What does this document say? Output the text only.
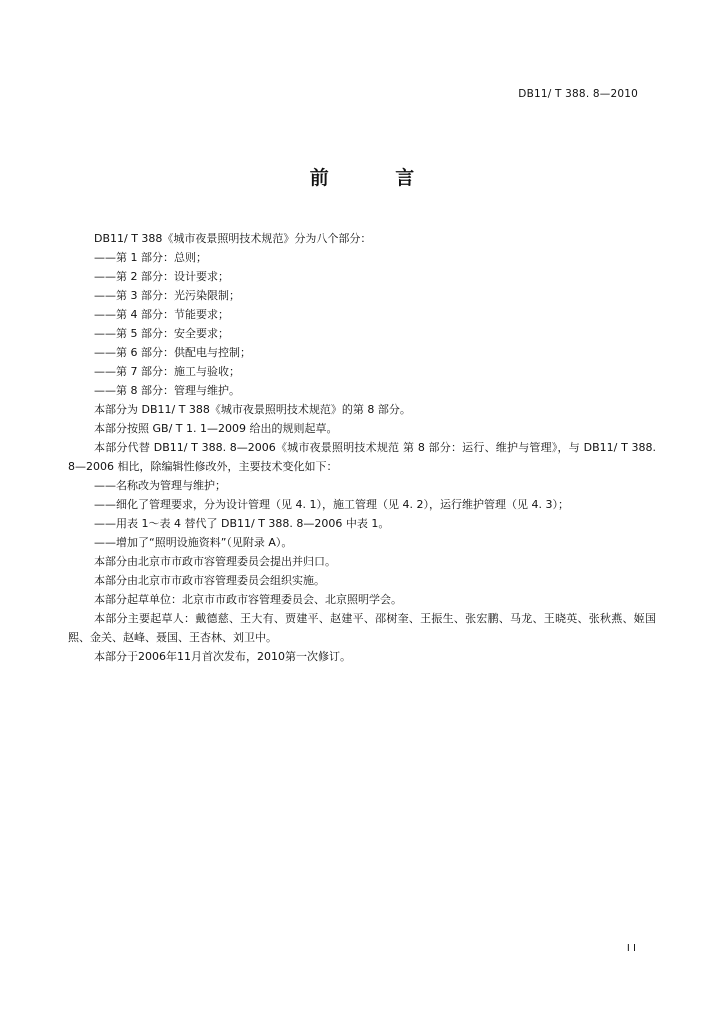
DB11/ T 388. 8—2010
前 言

DB11/ T 388《城市夜景照明技术规范》分为八个部分：

——第 1 部分：总则；

——第 2 部分：设计要求；

——第 3 部分：光污染限制；

——第 4 部分：节能要求；

——第 5 部分：安全要求；

——第 6 部分：供配电与控制；

——第 7 部分：施工与验收；

——第 8 部分：管理与维护。

本部分为 DB11/ T 388《城市夜景照明技术规范》的第 8 部分。

本部分按照 GB/ T 1. 1—2009 给出的规则起草。

本部分代替 DB11/ T 388. 8—2006《城市夜景照明技术规范 第 8 部分：运行、维护与管理》，与 DB11/ T 388. 8—2006 相比，除编辑性修改外，主要技术变化如下：

——名称改为管理与维护；

——细化了管理要求，分为设计管理（见 4. 1），施工管理（见 4. 2），运行维护管理（见 4. 3）；

——用表 1～表 4 替代了 DB11/ T 388. 8—2006 中表 1。

——增加了“照明设施资料”（见附录 A）。

本部分由北京市市政市容管理委员会提出并归口。

本部分由北京市市政市容管理委员会组织实施。

本部分起草单位：北京市市政市容管理委员会、北京照明学会。

本部分主要起草人：戴德慈、王大有、贾建平、赵建平、邵树奎、王振生、张宏鹏、马龙、王晓英、张秋燕、姬国熙、金关、赵峰、聂国、王杏林、刘卫中。

本部分于2006年11月首次发布，2010第一次修订。

I I
